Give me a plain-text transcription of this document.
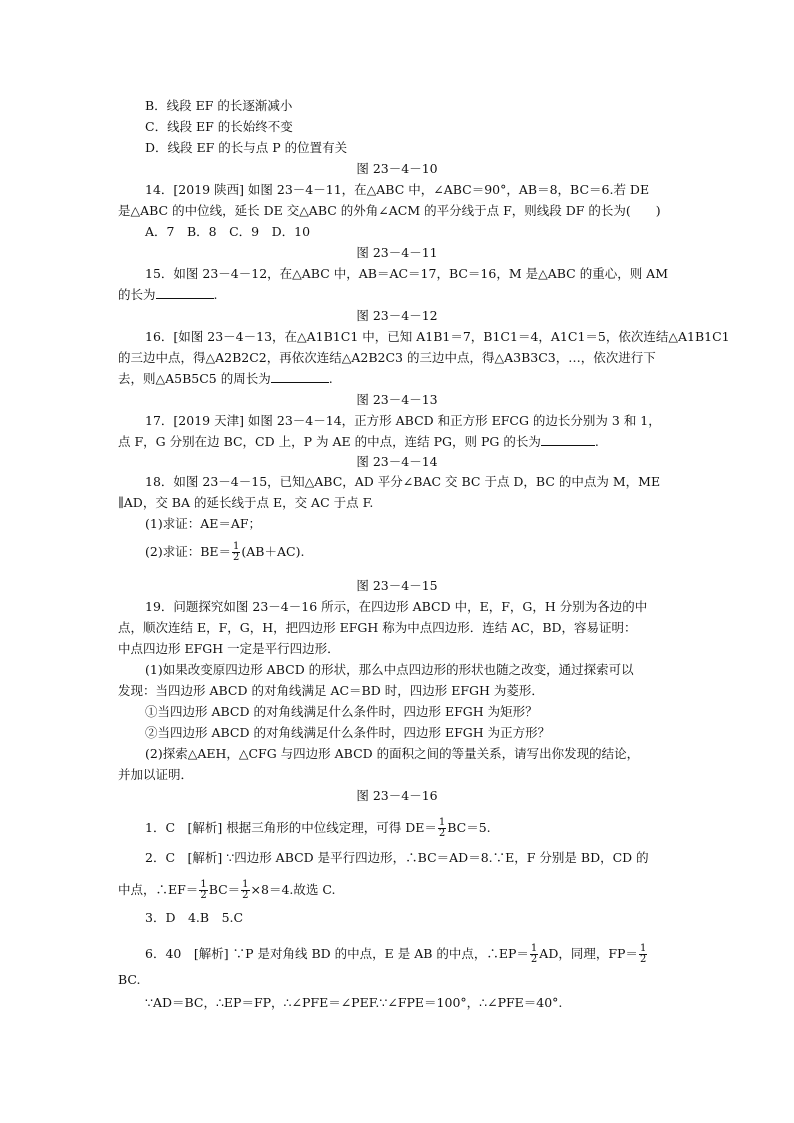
B．线段 EF 的长逐渐减小
C．线段 EF 的长始终不变
D．线段 EF 的长与点 P 的位置有关
图 23－4－10
14．[2019 陕西] 如图 23－4－11，在△ABC 中，∠ABC＝90°，AB＝8，BC＝6.若 DE
是△ABC 的中位线，延长 DE 交△ABC 的外角∠ACM 的平分线于点 F，则线段 DF 的长为(　　)
A．7　B．8　C．9　D．10
图 23－4－11
15．如图 23－4－12，在△ABC 中，AB＝AC＝17，BC＝16，M 是△ABC 的重心，则 AM
的长为	.
图 23－4－12
16．[如图 23－4－13，在△A1B1C1 中，已知 A1B1＝7，B1C1＝4，A1C1＝5，依次连结△A1B1C1
的三边中点，得△A2B2C2，再依次连结△A2B2C3 的三边中点，得△A3B3C3，…，依次进行下
去，则△A5B5C5 的周长为	.
图 23－4－13
17．[2019 天津] 如图 23－4－14，正方形 ABCD 和正方形 EFCG 的边长分别为 3 和 1，
点 F，G 分别在边 BC，CD 上，P 为 AE 的中点，连结 PG，则 PG 的长为	.
图 23－4－14
18．如图 23－4－15，已知△ABC，AD 平分∠BAC 交 BC 于点 D，BC 的中点为 M，ME
∥AD，交 BA 的延长线于点 E，交 AC 于点 F.
(1)求证：AE＝AF；
(2)求证：$BE= \frac{1}{2} (AB+AC)$.
图 23－4－15
19．问题探究如图 23－4－16 所示，在四边形 ABCD 中，E，F，G，H 分别为各边的中
点，顺次连结 E，F，G，H，把四边形 EFGH 称为中点四边形．连结 AC，BD，容易证明：
中点四边形 EFGH 一定是平行四边形．
(1)如果改变原四边形 ABCD 的形状，那么中点四边形的形状也随之改变，通过探索可以
发现：当四边形 ABCD 的对角线满足 AC＝BD 时，四边形 EFGH 为菱形．
①当四边形 ABCD 的对角线满足什么条件时，四边形 EFGH 为矩形？
②当四边形 ABCD 的对角线满足什么条件时，四边形 EFGH 为正方形？
(2)探索△AEH，△CFG 与四边形 ABCD 的面积之间的等量关系，请写出你发现的结论，
并加以证明．
图 23－4－16
1．C　[解析] 根据三角形的中位线定理，可得 $DE= \frac{1}{2} BC=5$.
2．C　[解析] ∵四边形 ABCD 是平行四边形，∴BC＝AD＝8.∵E，F 分别是 BD，CD 的
中点，∴EF＝ $\frac{1}{2} BC= \frac{1}{2} \times 8=4$.故选 C.
3．D　4.B　5.C
6．40　[解析] ∵P 是对角线 BD 的中点，E 是 AB 的中点，∴EP＝ $\frac{1}{2}$ AD，同理，$FP= \frac{1}{2}$
BC.
∵AD＝BC，∴EP＝FP，∴∠PFE＝∠PEF.∵∠FPE＝100°，∴∠PFE＝40°.
